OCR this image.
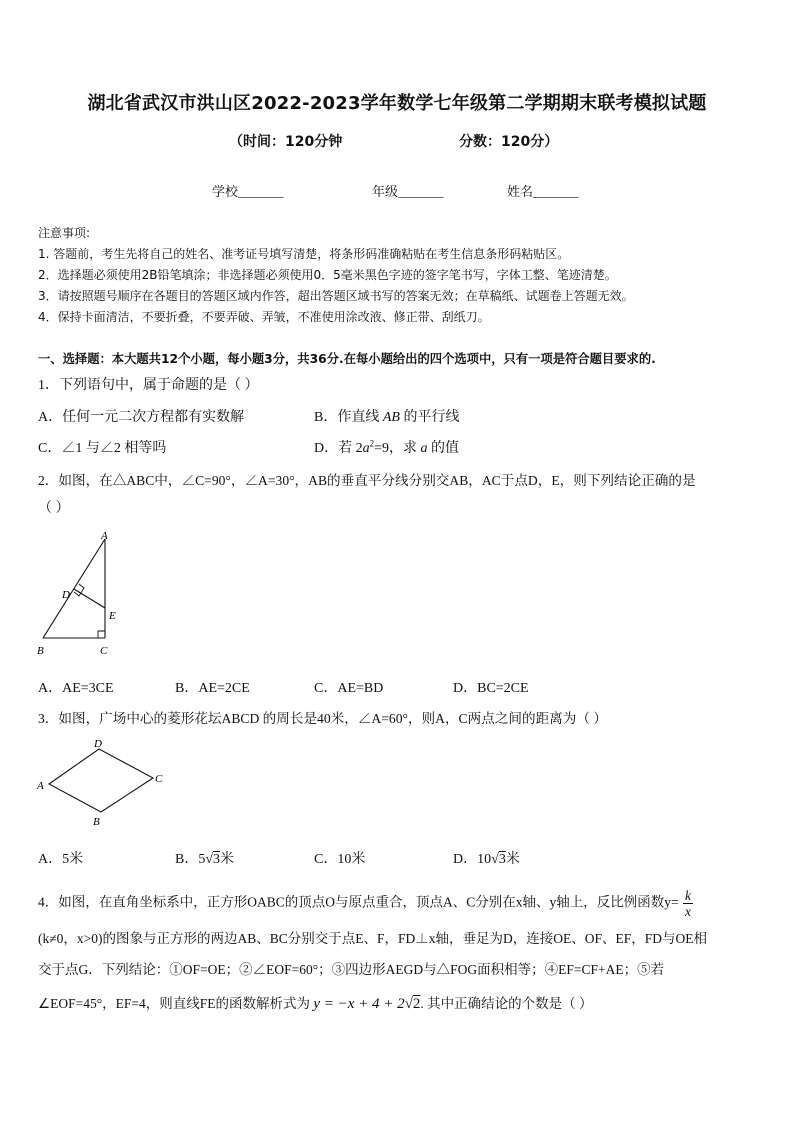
湖北省武汉市洪山区2022-2023学年数学七年级第二学期期末联考模拟试题
（时间：120分钟	分数：120分）
学校_______	年级_______	姓名_______
注意事项:
1. 答题前，考生先将自己的姓名、准考证号填写清楚，将条形码准确粘贴在考生信息条形码粘贴区。
2．选择题必须使用2B铅笔填涂；非选择题必须使用0．5毫米黑色字迹的签字笔书写，字体工整、笔迹清楚。
3．请按照题号顺序在各题目的答题区域内作答，超出答题区域书写的答案无效；在草稿纸、试题卷上答题无效。
4．保持卡面清洁，不要折叠，不要弄破、弄皱，不准使用涂改液、修正带、刮纸刀。
一、选择题：本大题共12个小题，每小题3分，共36分.在每小题给出的四个选项中，只有一项是符合题目要求的.
1．下列语句中，属于命题的是（ ）
A．任何一元二次方程都有实数解	B．作直线 AB 的平行线
C．∠1 与∠2 相等吗	D．若 $2a^2=9$，求 a 的值
2．如图，在△ABC中，∠C=90°，∠A=30°，AB的垂直平分线分别交AB，AC于点D，E，则下列结论正确的是
（ ）
A
B	C
D
E
A．AE=3CE	B．AE=2CE	C．AE=BD	D．BC=2CE
3．如图，广场中心的菱形花坛ABCD 的周长是40米，∠A=60°，则A，C两点之间的距离为（ ）
D
A
C
B
A．5米	B．5√3米	C．10米	D．10√3米
4．如图，在直角坐标系中，正方形OABC的顶点O与原点重合，顶点A、C分别在x轴、y轴上，反比例函数$y= \frac{k}{x}$
(k≠0，x>0)的图象与正方形的两边AB、BC分别交于点E、F，FD⊥x轴，垂足为D，连接OE、OF、EF，FD与OE相
交于点G．下列结论：①OF=OE；②∠EOF=60°；③四边形AEGD与△FOG面积相等；④EF=CF+AE；⑤若
∠EOF=45°，EF=4，则直线FE的函数解析式为 y = −x + 4 + 2√2. 其中正确结论的个数是（ ）
